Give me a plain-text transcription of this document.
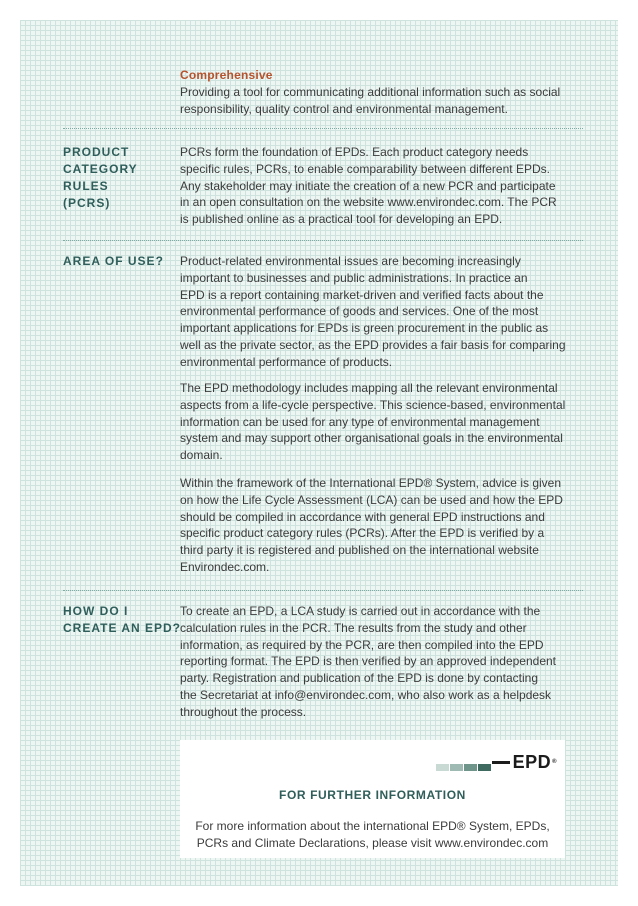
Comprehensive

Providing a tool for communicating additional information such as social

responsibility, quality control and environmental management.

PRODUCT

CATEGORY

RULES

(PCRS)

PCRs form the foundation of EPDs. Each product category needs

specific rules, PCRs, to enable comparability between different EPDs.

Any stakeholder may initiate the creation of a new PCR and participate

in an open consultation on the website www.environdec.com. The PCR

is published online as a practical tool for developing an EPD.

AREA OF USE?	Product-related environmental issues are becoming increasingly

important to businesses and public administrations. In practice an

EPD is a report containing market-driven and verified facts about the

environmental performance of goods and services. One of the most

important applications for EPDs is green procurement in the public as

well as the private sector, as the EPD provides a fair basis for comparing

environmental performance of products.

The EPD methodology includes mapping all the relevant environmental

aspects from a life-cycle perspective. This science-based, environmental

information can be used for any type of environmental management

system and may support other organisational goals in the environmental

domain.

Within the framework of the International EPD® System, advice is given

on how the Life Cycle Assessment (LCA) can be used and how the EPD

should be compiled in accordance with general EPD instructions and

specific product category rules (PCRs). After the EPD is verified by a

third party it is registered and published on the international website

Environdec.com.

HOW DO I

CREATE AN EPD?

To create an EPD, a LCA study is carried out in accordance with the

calculation rules in the PCR. The results from the study and other

information, as required by the PCR, are then compiled into the EPD

reporting format. The EPD is then verified by an approved independent

party. Registration and publication of the EPD is done by contacting

the Secretariat at info@environdec.com, who also work as a helpdesk

throughout the process.

EPD®
FOR FURTHER INFORMATION

For more information about the international EPD® System, EPDs,

PCRs and Climate Declarations, please visit www.environdec.com
